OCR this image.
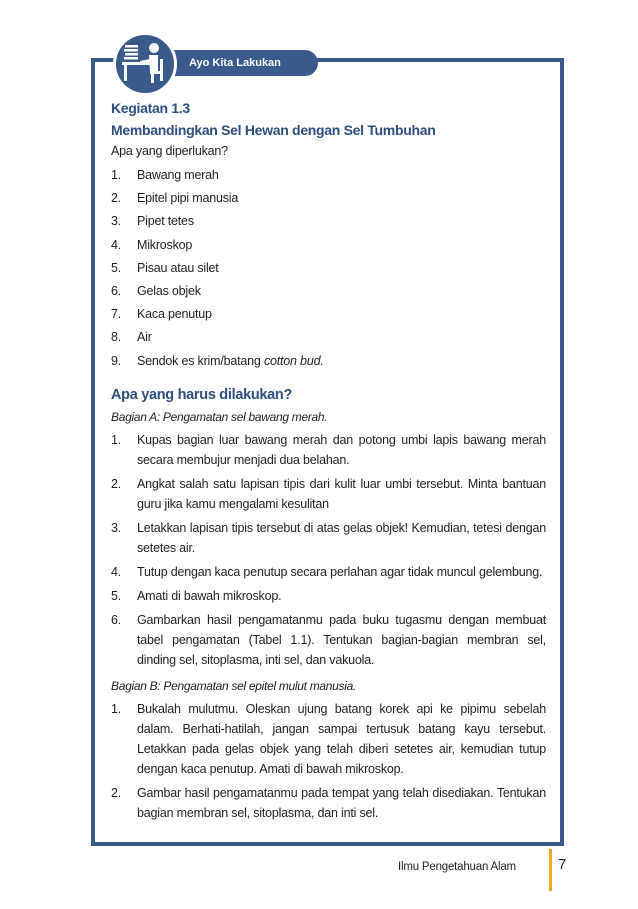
Ayo Kita Lakukan
Kegiatan 1.3
Membandingkan Sel Hewan dengan Sel Tumbuhan
Apa yang diperlukan?
1.	Bawang merah
2.	Epitel pipi manusia
3.	Pipet tetes
4.	Mikroskop
5.	Pisau atau silet
6.	Gelas objek
7.	Kaca penutup
8.	Air
9.	Sendok es krim/batang cotton bud.
Apa yang harus dilakukan?
Bagian A: Pengamatan sel bawang merah.
1.	Kupas bagian luar bawang merah dan potong umbi lapis bawang merah secara membujur menjadi dua belahan.
2.	Angkat salah satu lapisan tipis dari kulit luar umbi tersebut. Minta bantuan guru jika kamu mengalami kesulitan
3.	Letakkan lapisan tipis tersebut di atas gelas objek! Kemudian, tetesi dengan setetes air.
4.	Tutup dengan kaca penutup secara perlahan agar tidak muncul gelembung.
5.	Amati di bawah mikroskop.
6.	Gambarkan hasil pengamatanmu pada buku tugasmu dengan membuat tabel pengamatan (Tabel 1.1). Tentukan bagian-bagian membran sel, dinding sel, sitoplasma, inti sel, dan vakuola.
Bagian B: Pengamatan sel epitel mulut manusia.
1.	Bukalah mulutmu. Oleskan ujung batang korek api ke pipimu sebelah dalam. Berhati-hatilah, jangan sampai tertusuk batang kayu tersebut. Letakkan pada gelas objek yang telah diberi setetes air, kemudian tutup dengan kaca penutup. Amati di bawah mikroskop.
2.	Gambar hasil pengamatanmu pada tempat yang telah disediakan. Tentukan bagian membran sel, sitoplasma, dan inti sel.
Ilmu Pengetahuan Alam	7
